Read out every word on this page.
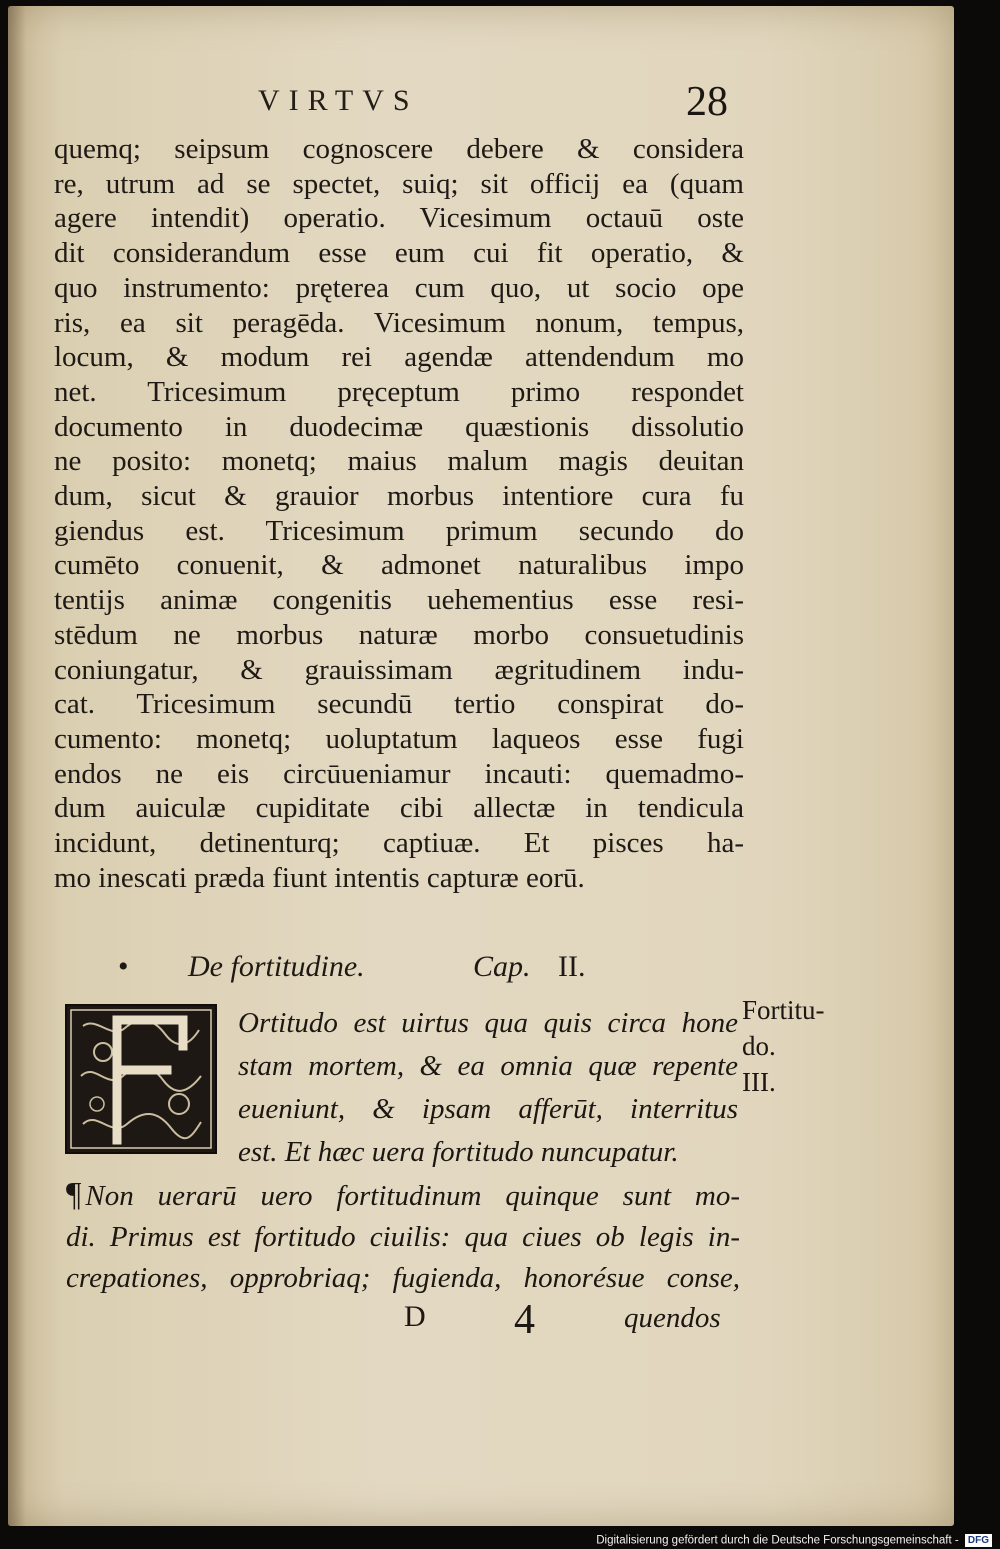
VIRTVS	28

quemq; seipsum cognoscere debere & considera
re, utrum ad se spectet, suiq; sit officij ea (quam
agere intendit) operatio. Vicesimum octauū oste
dit considerandum esse eum cui fit operatio, &
quo instrumento: pręterea cum quo, ut socio ope
ris, ea sit peragēda. Vicesimum nonum, tempus,
locum, & modum rei agendæ attendendum mo
net. Tricesimum pręceptum primo respondet
documento in duodecimæ quæstionis dissolutio
ne posito: monetq; maius malum magis deuitan
dum, sicut & grauior morbus intentiore cura fu
giendus est. Tricesimum primum secundo do
cumēto conuenit, & admonet naturalibus impo
tentijs animæ congenitis uehementius esse resi-
stēdum ne morbus naturæ morbo consuetudinis
coniungatur, & grauissimam ægritudinem indu-
cat. Tricesimum secundū tertio conspirat do-
cumento: monetq; uoluptatum laqueos esse fugi
endos ne eis circūueniamur incauti: quemadmo-
dum auiculæ cupiditate cibi allectæ in tendicula
incidunt, detinenturq; captiuæ. Et pisces ha-
mo inescati præda fiunt intentis capturæ eorū.

• De fortitudine.	Cap. II.

Ortitudo est uirtus qua quis circa hone
stam mortem, & ea omnia quæ repente
eueniunt, & ipsam afferūt, interritus
est. Et hæc uera fortitudo nuncupatur.

Fortitu-
do.
III.

¶ Non uerarū uero fortitudinum quinque sunt mo-
di. Primus est fortitudo ciuilis: qua ciues ob legis in-
crepationes, opprobriaq; fugienda, honorésue conse,

D 4	quendos
Digitalisierung gefördert durch die Deutsche Forschungsgemeinschaft - DFG
